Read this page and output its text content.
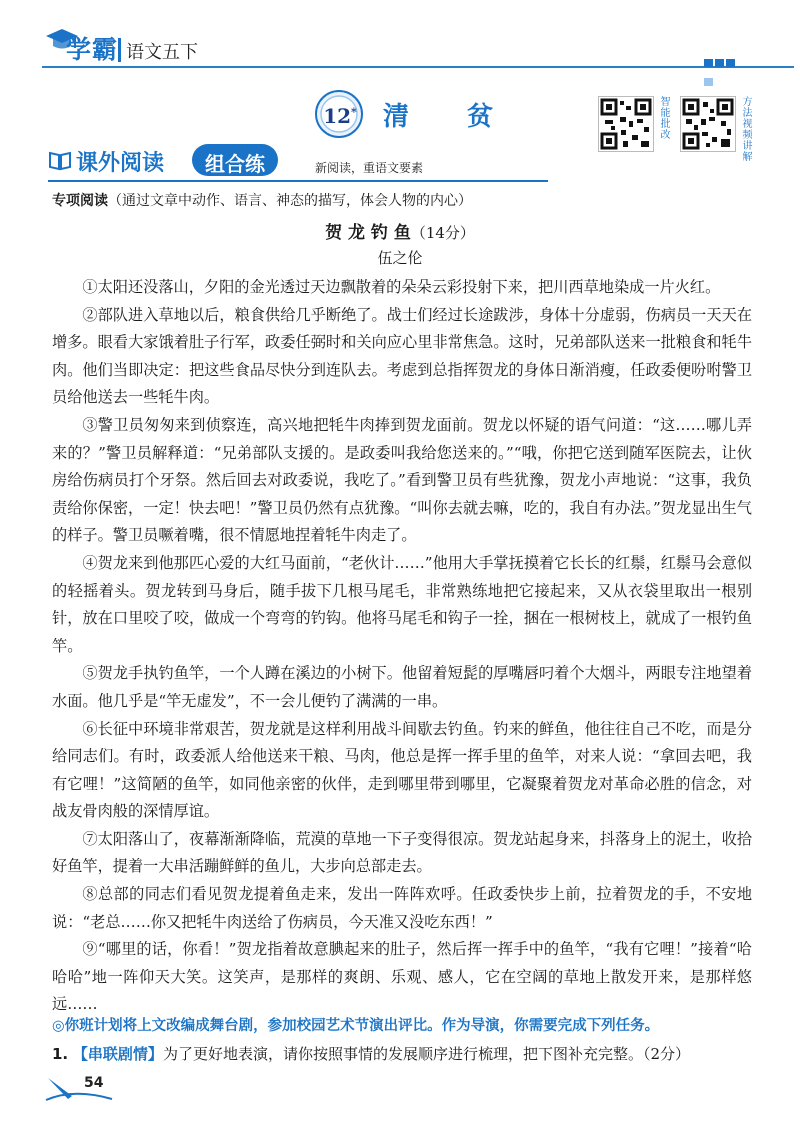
学霸 语文五下
12* 清贫	智能批改	方法视频讲解
课外阅读	组合练	新阅读，重语文要素
专项阅读（通过文章中动作、语言、神态的描写，体会人物的内心）
贺 龙 钓 鱼（14分）
伍之伦

①太阳还没落山，夕阳的金光透过天边飘散着的朵朵云彩投射下来，把川西草地染成一片火红。

②部队进入草地以后，粮食供给几乎断绝了。战士们经过长途跋涉，身体十分虚弱，伤病员一天天在增多。眼看大家饿着肚子行军，政委任弼时和关向应心里非常焦急。这时，兄弟部队送来一批粮食和牦牛肉。他们当即决定：把这些食品尽快分到连队去。考虑到总指挥贺龙的身体日渐消瘦，任政委便吩咐警卫员给他送去一些牦牛肉。

③警卫员匆匆来到侦察连，高兴地把牦牛肉捧到贺龙面前。贺龙以怀疑的语气问道：“这……哪儿弄来的？”警卫员解释道：“兄弟部队支援的。是政委叫我给您送来的。”“哦，你把它送到随军医院去，让伙房给伤病员打个牙祭。然后回去对政委说，我吃了。”看到警卫员有些犹豫，贺龙小声地说：“这事，我负责给你保密，一定！快去吧！”警卫员仍然有点犹豫。“叫你去就去嘛，吃的，我自有办法。”贺龙显出生气的样子。警卫员噘着嘴，很不情愿地捏着牦牛肉走了。

④贺龙来到他那匹心爱的大红马面前，“老伙计……”他用大手掌抚摸着它长长的红鬃，红鬃马会意似的轻摇着头。贺龙转到马身后，随手拔下几根马尾毛，非常熟练地把它接起来，又从衣袋里取出一根别针，放在口里咬了咬，做成一个弯弯的钓钩。他将马尾毛和钩子一拴，捆在一根树枝上，就成了一根钓鱼竿。

⑤贺龙手执钓鱼竿，一个人蹲在溪边的小树下。他留着短髭的厚嘴唇叼着个大烟斗，两眼专注地望着水面。他几乎是“竿无虚发”，不一会儿便钓了满满的一串。

⑥长征中环境非常艰苦，贺龙就是这样利用战斗间歇去钓鱼。钓来的鲜鱼，他往往自己不吃，而是分给同志们。有时，政委派人给他送来干粮、马肉，他总是挥一挥手里的鱼竿，对来人说：“拿回去吧，我有它哩！”这简陋的鱼竿，如同他亲密的伙伴，走到哪里带到哪里，它凝聚着贺龙对革命必胜的信念，对战友骨肉般的深情厚谊。

⑦太阳落山了，夜幕渐渐降临，荒漠的草地一下子变得很凉。贺龙站起身来，抖落身上的泥土，收拾好鱼竿，提着一大串活蹦鲜鲜的鱼儿，大步向总部走去。

⑧总部的同志们看见贺龙提着鱼走来，发出一阵阵欢呼。任政委快步上前，拉着贺龙的手，不安地说：“老总……你又把牦牛肉送给了伤病员，今天准又没吃东西！”

⑨“哪里的话，你看！”贺龙指着故意腆起来的肚子，然后挥一挥手中的鱼竿，“我有它哩！”接着“哈哈哈”地一阵仰天大笑。这笑声，是那样的爽朗、乐观、感人，它在空阔的草地上散发开来，是那样悠远……

◎你班计划将上文改编成舞台剧，参加校园艺术节演出评比。作为导演，你需要完成下列任务。
1. 【串联剧情】为了更好地表演，请你按照事情的发展顺序进行梳理，把下图补充完整。（2分）
54
